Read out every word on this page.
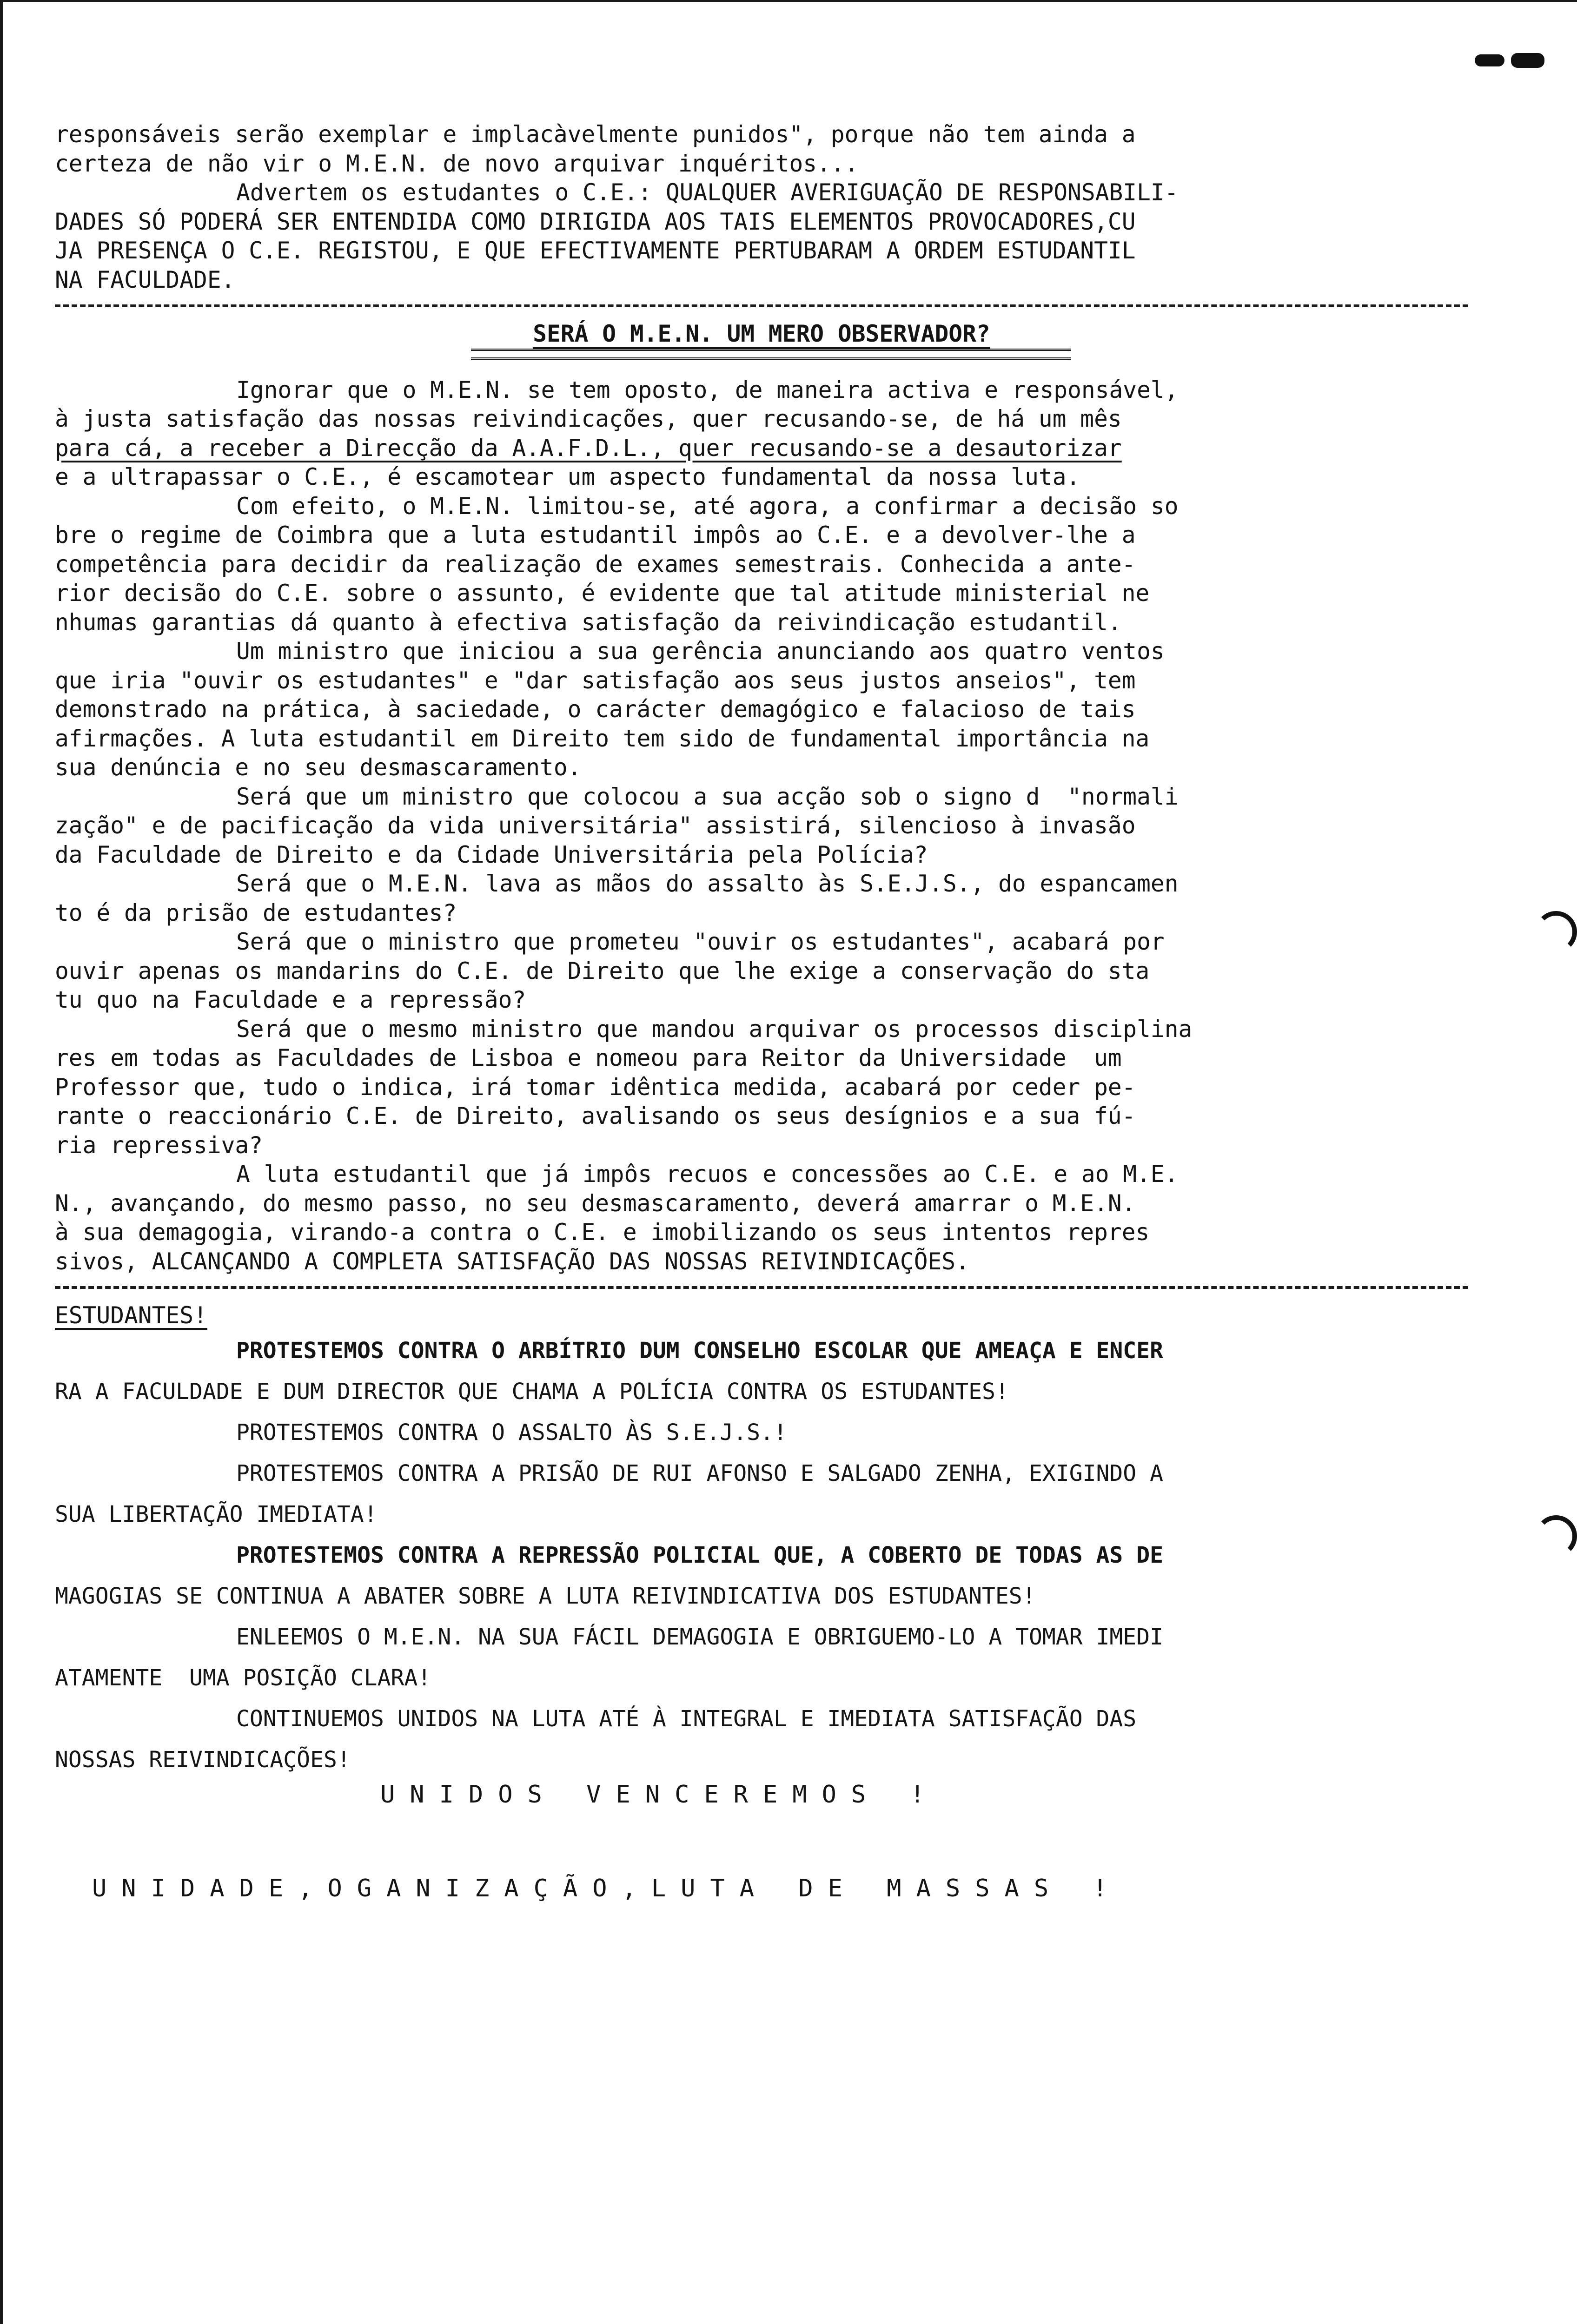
responsáveis serão exemplar e implacàvelmente punidos", porque não tem ainda a

certeza de não vir o M.E.N. de novo arquivar inquéritos...

Advertem os estudantes o C.E.: QUALQUER AVERIGUAÇÃO DE RESPONSABILI-

DADES SÓ PODERÁ SER ENTENDIDA COMO DIRIGIDA AOS TAIS ELEMENTOS PROVOCADORES,CU

JA PRESENÇA O C.E. REGISTOU, E QUE EFECTIVAMENTE PERTUBARAM A ORDEM ESTUDANTIL

NA FACULDADE.

SERÁ O M.E.N. UM MERO OBSERVADOR?

Ignorar que o M.E.N. se tem oposto, de maneira activa e responsável,

à justa satisfação das nossas reivindicações, quer recusando-se, de há um mês

para cá, a receber a Direcção da A.A.F.D.L., quer recusando-se a desautorizar

e a ultrapassar o C.E., é escamotear um aspecto fundamental da nossa luta.

Com efeito, o M.E.N. limitou-se, até agora, a confirmar a decisão so

bre o regime de Coimbra que a luta estudantil impôs ao C.E. e a devolver-lhe a

competência para decidir da realização de exames semestrais. Conhecida a ante-

rior decisão do C.E. sobre o assunto, é evidente que tal atitude ministerial ne

nhumas garantias dá quanto à efectiva satisfação da reivindicação estudantil.

Um ministro que iniciou a sua gerência anunciando aos quatro ventos

que iria "ouvir os estudantes" e "dar satisfação aos seus justos anseios", tem

demonstrado na prática, à saciedade, o carácter demagógico e falacioso de tais

afirmações. A luta estudantil em Direito tem sido de fundamental importância na

sua denúncia e no seu desmascaramento.

Será que um ministro que colocou a sua acção sob o signo d  "normali

zação" e de pacificação da vida universitária" assistirá, silencioso à invasão

da Faculdade de Direito e da Cidade Universitária pela Polícia?

Será que o M.E.N. lava as mãos do assalto às S.E.J.S., do espancamen

to é da prisão de estudantes?

Será que o ministro que prometeu "ouvir os estudantes", acabará por

ouvir apenas os mandarins do C.E. de Direito que lhe exige a conservação do sta

tu quo na Faculdade e a repressão?

Será que o mesmo ministro que mandou arquivar os processos disciplina

res em todas as Faculdades de Lisboa e nomeou para Reitor da Universidade  um

Professor que, tudo o indica, irá tomar idêntica medida, acabará por ceder pe-

rante o reaccionário C.E. de Direito, avalisando os seus desígnios e a sua fú-

ria repressiva?

A luta estudantil que já impôs recuos e concessões ao C.E. e ao M.E.

N., avançando, do mesmo passo, no seu desmascaramento, deverá amarrar o M.E.N.

à sua demagogia, virando-a contra o C.E. e imobilizando os seus intentos repres

sivos, ALCANÇANDO A COMPLETA SATISFAÇÃO DAS NOSSAS REIVINDICAÇÕES.

ESTUDANTES!

PROTESTEMOS CONTRA O ARBÍTRIO DUM CONSELHO ESCOLAR QUE AMEAÇA E ENCER

RA A FACULDADE E DUM DIRECTOR QUE CHAMA A POLÍCIA CONTRA OS ESTUDANTES!

PROTESTEMOS CONTRA O ASSALTO ÀS S.E.J.S.!

PROTESTEMOS CONTRA A PRISÃO DE RUI AFONSO E SALGADO ZENHA, EXIGINDO A

SUA LIBERTAÇÃO IMEDIATA!

PROTESTEMOS CONTRA A REPRESSÃO POLICIAL QUE, A COBERTO DE TODAS AS DE

MAGOGIAS SE CONTINUA A ABATER SOBRE A LUTA REIVINDICATIVA DOS ESTUDANTES!

ENLEEMOS O M.E.N. NA SUA FÁCIL DEMAGOGIA E OBRIGUEMO-LO A TOMAR IMEDI

ATAMENTE  UMA POSIÇÃO CLARA!

CONTINUEMOS UNIDOS NA LUTA ATÉ À INTEGRAL E IMEDIATA SATISFAÇÃO DAS

NOSSAS REIVINDICAÇÕES!

UNIDOS VENCEREMOS !

UNIDADE,OGANIZAÇÃO,LUTA DE MASSAS !
